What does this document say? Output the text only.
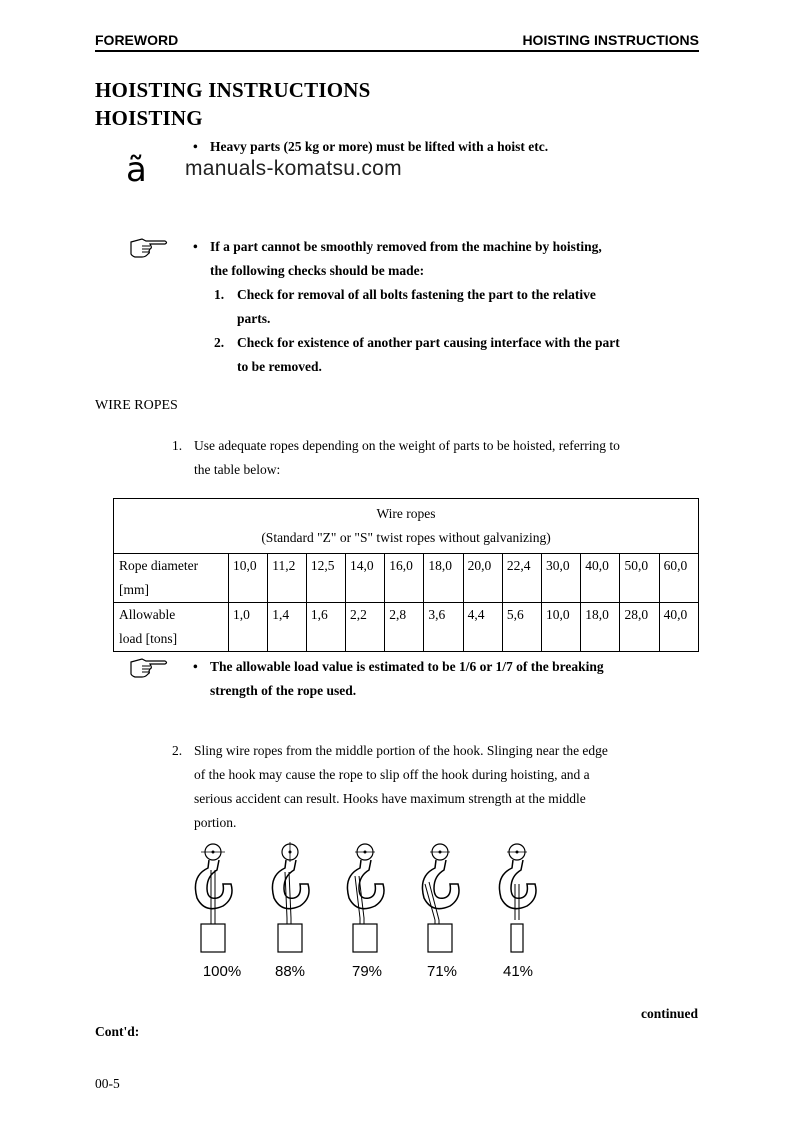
FOREWORD	HOISTING INSTRUCTIONS
HOISTING INSTRUCTIONS
HOISTING
• Heavy parts (25 kg or more) must be lifted with a hoist etc.
manuals-komatsu.com
ã
• If a part cannot be smoothly removed from the machine by hoisting,
the following checks should be made:
1. Check for removal of all bolts fastening the part to the relative
parts.
2. Check for existence of another part causing interface with the part
to be removed.
WIRE ROPES
1. Use adequate ropes depending on the weight of parts to be hoisted, referring to
the table below:
Wire ropes
(Standard "Z" or "S" twist ropes without galvanizing)												

Rope diameter
[mm]	10,0	11,2	12,5	14,0	16,0	18,0	20,0	22,4	30,0	40,0	50,0	60,0

Allowable
load [tons]	1,0	1,4	1,6	2,2	2,8	3,6	4,4	5,6	10,0	18,0	28,0	40,0
• The allowable load value is estimated to be 1/6 or 1/7 of the breaking
strength of the rope used.
2. Sling wire ropes from the middle portion of the hook. Slinging near the edge
of the hook may cause the rope to slip off the hook during hoisting, and a
serious accident can result. Hooks have maximum strength at the middle
portion.
100%	88%	79%	71%	41%
continued
Cont'd:
00-5
